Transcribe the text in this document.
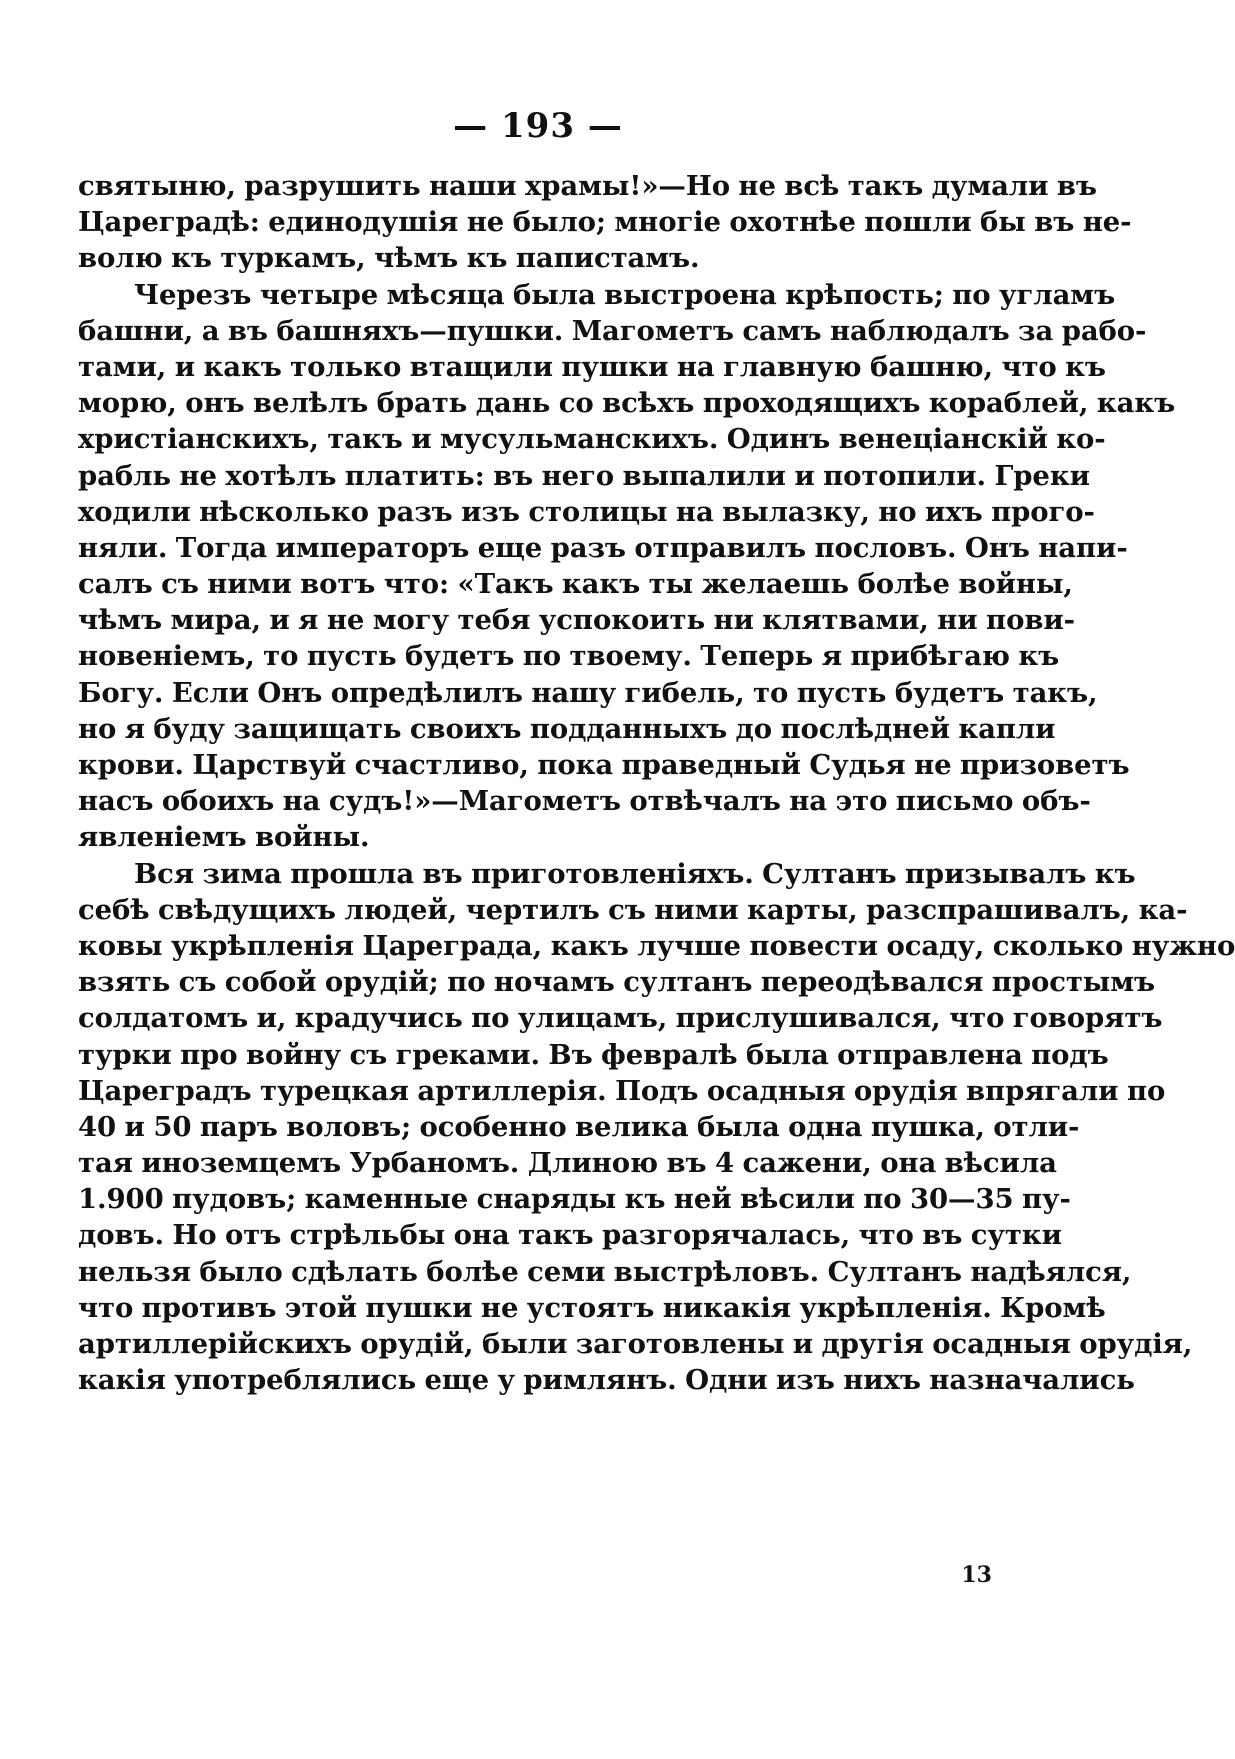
— 193 —
святыню, разрушить наши храмы!»—Но не всѣ такъ думали въ
Цареградѣ: единодушія не было; многіе охотнѣе пошли бы въ не-
волю къ туркамъ, чѣмъ къ папистамъ.
Черезъ четыре мѣсяца была выстроена крѣпость; по угламъ
башни, а въ башняхъ—пушки. Магометъ самъ наблюдалъ за рабо-
тами, и какъ только втащили пушки на главную башню, что къ
морю, онъ велѣлъ брать дань со всѣхъ проходящихъ кораблей, какъ
христіанскихъ, такъ и мусульманскихъ. Одинъ венеціанскій ко-
рабль не хотѣлъ платить: въ него выпалили и потопили. Греки
ходили нѣсколько разъ изъ столицы на вылазку, но ихъ прого-
няли. Тогда императоръ еще разъ отправилъ пословъ. Онъ напи-
салъ съ ними вотъ что: «Такъ какъ ты желаешь болѣе войны,
чѣмъ мира, и я не могу тебя успокоить ни клятвами, ни пови-
новеніемъ, то пусть будетъ по твоему. Теперь я прибѣгаю къ
Богу. Если Онъ опредѣлилъ нашу гибель, то пусть будетъ такъ,
но я буду защищать своихъ подданныхъ до послѣдней капли
крови. Царствуй счастливо, пока праведный Судья не призоветъ
насъ обоихъ на судъ!»—Магометъ отвѣчалъ на это письмо объ-
явленіемъ войны.
Вся зима прошла въ приготовленіяхъ. Султанъ призывалъ къ
себѣ свѣдущихъ людей, чертилъ съ ними карты, разспрашивалъ, ка-
ковы укрѣпленія Цареграда, какъ лучше повести осаду, сколько нужно
взять съ собой орудій; по ночамъ султанъ переодѣвался простымъ
солдатомъ и, крадучись по улицамъ, прислушивался, что говорятъ
турки про войну съ греками. Въ февралѣ была отправлена подъ
Цареградъ турецкая артиллерія. Подъ осадныя орудія впрягали по
40 и 50 паръ воловъ; особенно велика была одна пушка, отли-
тая иноземцемъ Урбаномъ. Длиною въ 4 сажени, она вѣсила
1.900 пудовъ; каменные снаряды къ ней вѣсили по 30—35 пу-
довъ. Но отъ стрѣльбы она такъ разгорячалась, что въ сутки
нельзя было сдѣлать болѣе семи выстрѣловъ. Султанъ надѣялся,
что противъ этой пушки не устоятъ никакія укрѣпленія. Кромѣ
артиллерійскихъ орудій, были заготовлены и другія осадныя орудія,
какія употреблялись еще у римлянъ. Одни изъ нихъ назначались
13
